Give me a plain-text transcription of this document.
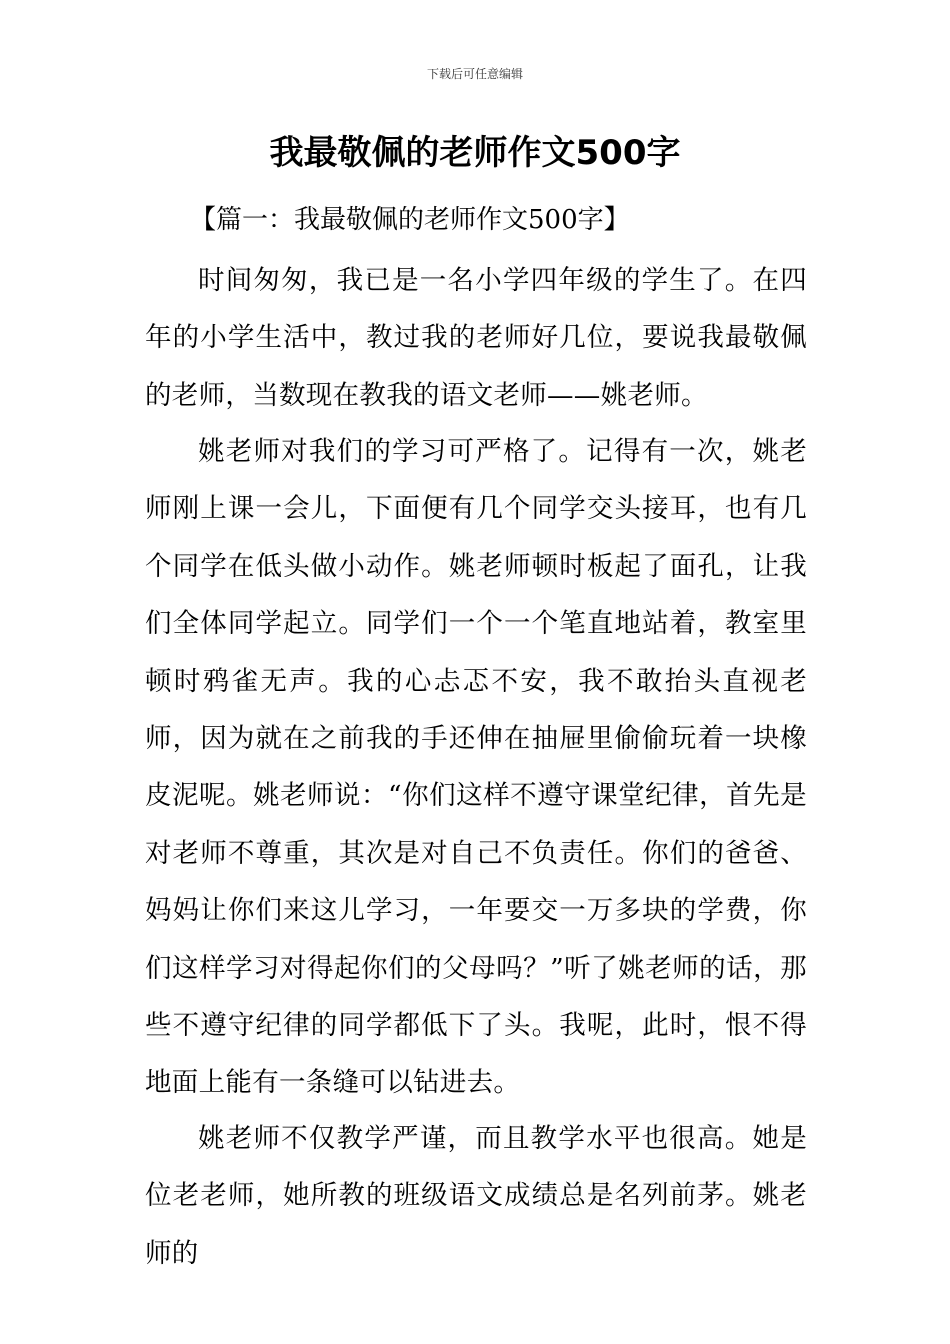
下载后可任意编辑
我最敬佩的老师作文500字
【篇一：我最敬佩的老师作文500字】

时间匆匆，我已是一名小学四年级的学生了。在四年的小学生活中，教过我的老师好几位，要说我最敬佩的老师，当数现在教我的语文老师——姚老师。

姚老师对我们的学习可严格了。记得有一次，姚老师刚上课一会儿，下面便有几个同学交头接耳，也有几个同学在低头做小动作。姚老师顿时板起了面孔，让我们全体同学起立。同学们一个一个笔直地站着，教室里顿时鸦雀无声。我的心忐忑不安，我不敢抬头直视老师，因为就在之前我的手还伸在抽屉里偷偷玩着一块橡皮泥呢。姚老师说：“你们这样不遵守课堂纪律，首先是对老师不尊重，其次是对自己不负责任。你们的爸爸、妈妈让你们来这儿学习，一年要交一万多块的学费，你们这样学习对得起你们的父母吗？”听了姚老师的话，那些不遵守纪律的同学都低下了头。我呢，此时，恨不得地面上能有一条缝可以钻进去。

姚老师不仅教学严谨，而且教学水平也很高。她是位老老师，她所教的班级语文成绩总是名列前茅。姚老师的
